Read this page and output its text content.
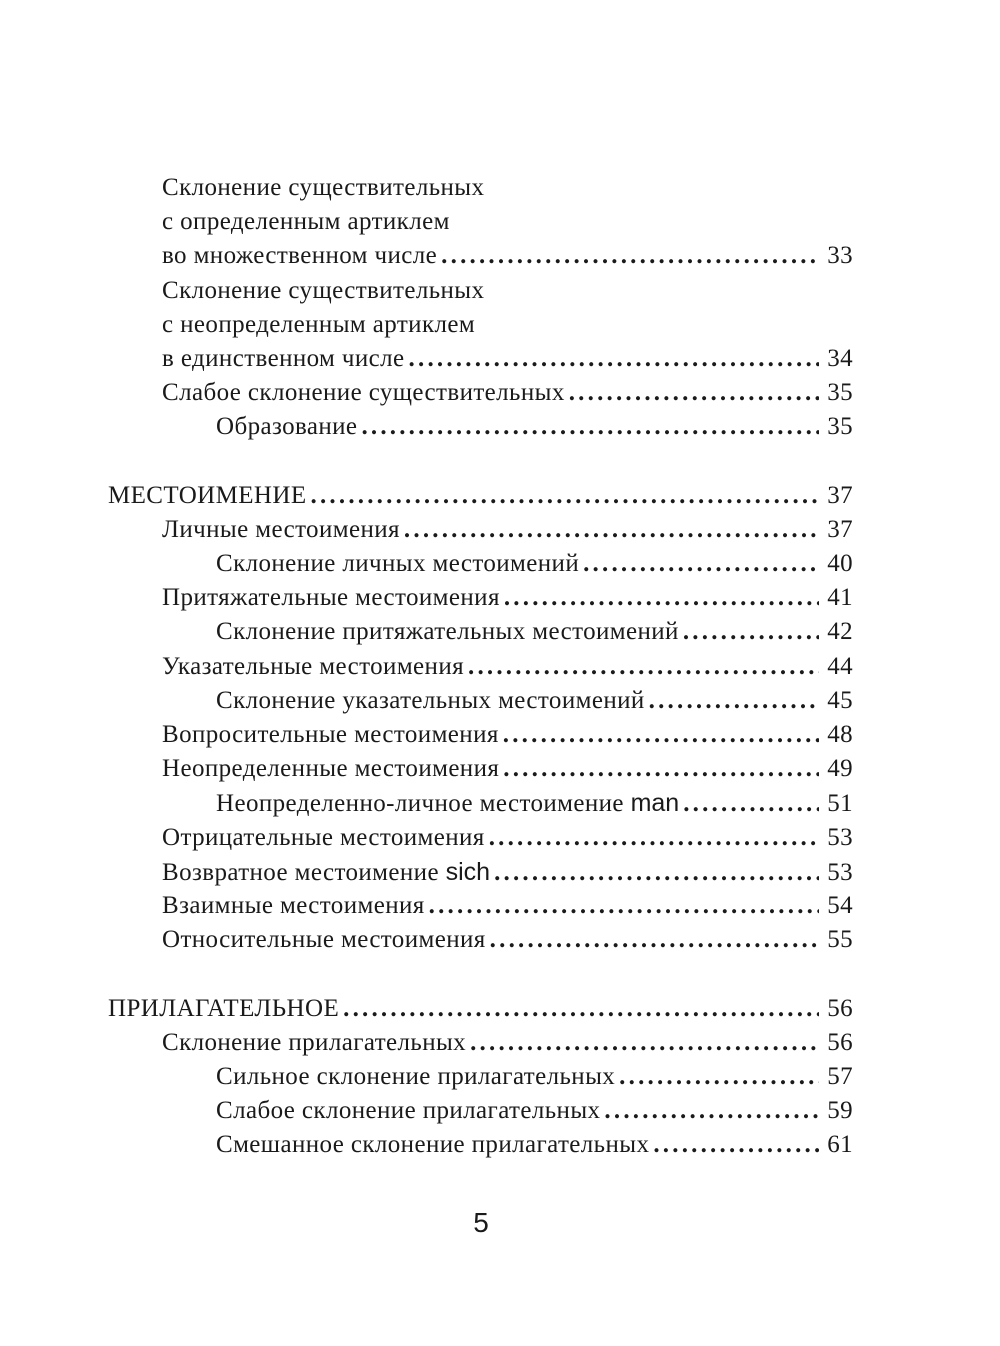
Склонение существительных
с определенным артиклем
во множественном числе .....	33
Склонение существительных
с неопределенным артиклем
в единственном числе .....	34
Слабое склонение существительных .....	35
Образование .....	35
МЕСТОИМЕНИЕ .....	37
Личные местоимения .....	37
Склонение личных местоимений .....	40
Притяжательные местоимения .....	41
Склонение притяжательных местоимений .....	42
Указательные местоимения .....	44
Склонение указательных местоимений .....	45
Вопросительные местоимения .....	48
Неопределенные местоимения .....	49
Неопределенно-личное местоимение man .....	51
Отрицательные местоимения .....	53
Возвратное местоимение sich .....	53
Взаимные местоимения .....	54
Относительные местоимения .....	55
ПРИЛАГАТЕЛЬНОЕ .....	56
Склонение прилагательных .....	56
Сильное склонение прилагательных .....	57
Слабое склонение прилагательных .....	59
Смешанное склонение прилагательных .....	61
5
